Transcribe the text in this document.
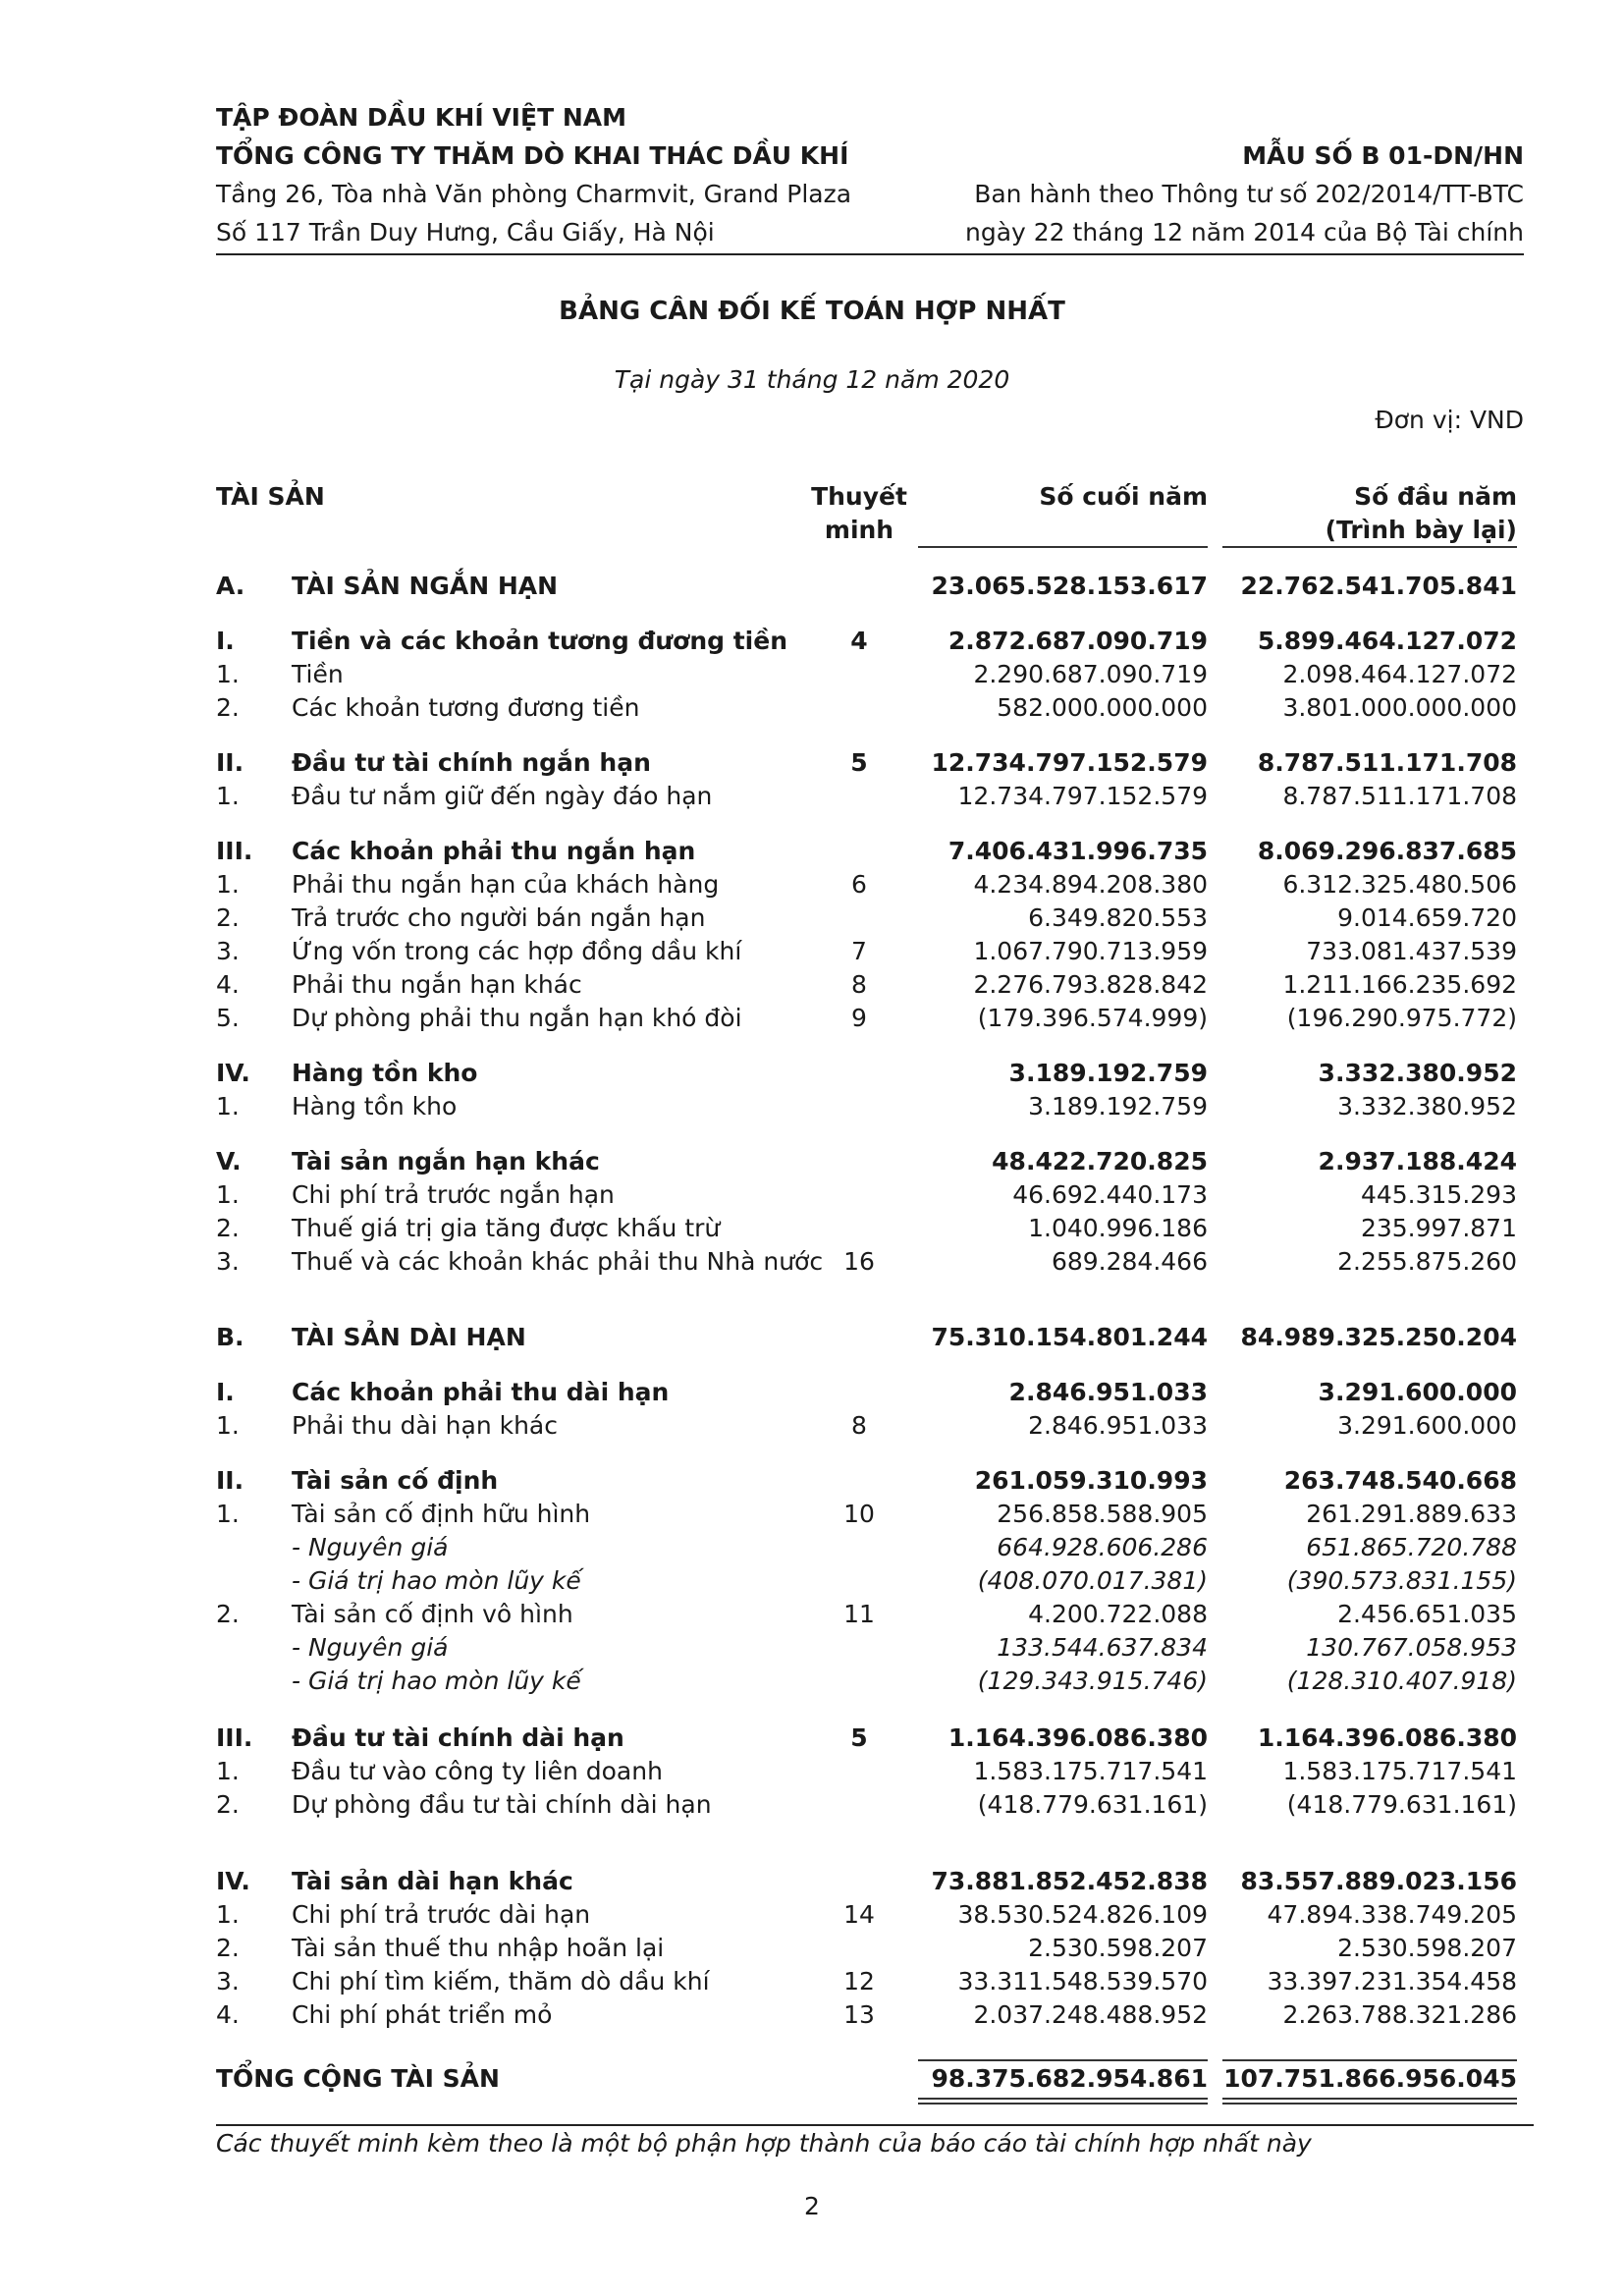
TẬP ĐOÀN DẦU KHÍ VIỆT NAM
TỔNG CÔNG TY THĂM DÒ KHAI THÁC DẦU KHÍ	MẪU SỐ B 01-DN/HN
Tầng 26, Tòa nhà Văn phòng Charmvit, Grand Plaza	Ban hành theo Thông tư số 202/2014/TT-BTC
Số 117 Trần Duy Hưng, Cầu Giấy, Hà Nội	ngày 22 tháng 12 năm 2014 của Bộ Tài chính
BẢNG CÂN ĐỐI KẾ TOÁN HỢP NHẤT
Tại ngày 31 tháng 12 năm 2020
Đơn vị: VND
TÀI SẢN	Thuyết
minh
Số cuối năm	Số đầu năm
(Trình bày lại)
A. TÀI SẢN NGẮN HẠN	23.065.528.153.617	22.762.541.705.841
I. Tiền và các khoản tương đương tiền	4	2.872.687.090.719	5.899.464.127.072
1. Tiền	2.290.687.090.719	2.098.464.127.072
2. Các khoản tương đương tiền	582.000.000.000	3.801.000.000.000
II. Đầu tư tài chính ngắn hạn	5	12.734.797.152.579	8.787.511.171.708
1. Đầu tư nắm giữ đến ngày đáo hạn	12.734.797.152.579	8.787.511.171.708
III. Các khoản phải thu ngắn hạn	7.406.431.996.735	8.069.296.837.685
1. Phải thu ngắn hạn của khách hàng	6	4.234.894.208.380	6.312.325.480.506
2. Trả trước cho người bán ngắn hạn	6.349.820.553	9.014.659.720
3. Ứng vốn trong các hợp đồng dầu khí	7	1.067.790.713.959	733.081.437.539
4. Phải thu ngắn hạn khác	8	2.276.793.828.842	1.211.166.235.692
5. Dự phòng phải thu ngắn hạn khó đòi	9	(179.396.574.999)	(196.290.975.772)
IV. Hàng tồn kho	3.189.192.759	3.332.380.952
1. Hàng tồn kho	3.189.192.759	3.332.380.952
V. Tài sản ngắn hạn khác	48.422.720.825	2.937.188.424
1. Chi phí trả trước ngắn hạn	46.692.440.173	445.315.293
2. Thuế giá trị gia tăng được khấu trừ	1.040.996.186	235.997.871
3. Thuế và các khoản khác phải thu Nhà nước 16	689.284.466	2.255.875.260
B. TÀI SẢN DÀI HẠN	75.310.154.801.244	84.989.325.250.204
I. Các khoản phải thu dài hạn	2.846.951.033	3.291.600.000
1. Phải thu dài hạn khác	8	2.846.951.033	3.291.600.000
II. Tài sản cố định	261.059.310.993	263.748.540.668
1. Tài sản cố định hữu hình	10	256.858.588.905	261.291.889.633
- Nguyên giá	664.928.606.286	651.865.720.788
- Giá trị hao mòn lũy kế	(408.070.017.381)	(390.573.831.155)
2. Tài sản cố định vô hình	11	4.200.722.088	2.456.651.035
- Nguyên giá	133.544.637.834	130.767.058.953
- Giá trị hao mòn lũy kế	(129.343.915.746)	(128.310.407.918)
III. Đầu tư tài chính dài hạn	5	1.164.396.086.380	1.164.396.086.380
1. Đầu tư vào công ty liên doanh	1.583.175.717.541	1.583.175.717.541
2. Dự phòng đầu tư tài chính dài hạn	(418.779.631.161)	(418.779.631.161)
IV. Tài sản dài hạn khác	73.881.852.452.838	83.557.889.023.156
1. Chi phí trả trước dài hạn	14	38.530.524.826.109	47.894.338.749.205
2. Tài sản thuế thu nhập hoãn lại	2.530.598.207	2.530.598.207
3. Chi phí tìm kiếm, thăm dò dầu khí	12	33.311.548.539.570	33.397.231.354.458
4. Chi phí phát triển mỏ	13	2.037.248.488.952	2.263.788.321.286
TỔNG CỘNG TÀI SẢN	98.375.682.954.861 107.751.866.956.045
Các thuyết minh kèm theo là một bộ phận hợp thành của báo cáo tài chính hợp nhất này
2
